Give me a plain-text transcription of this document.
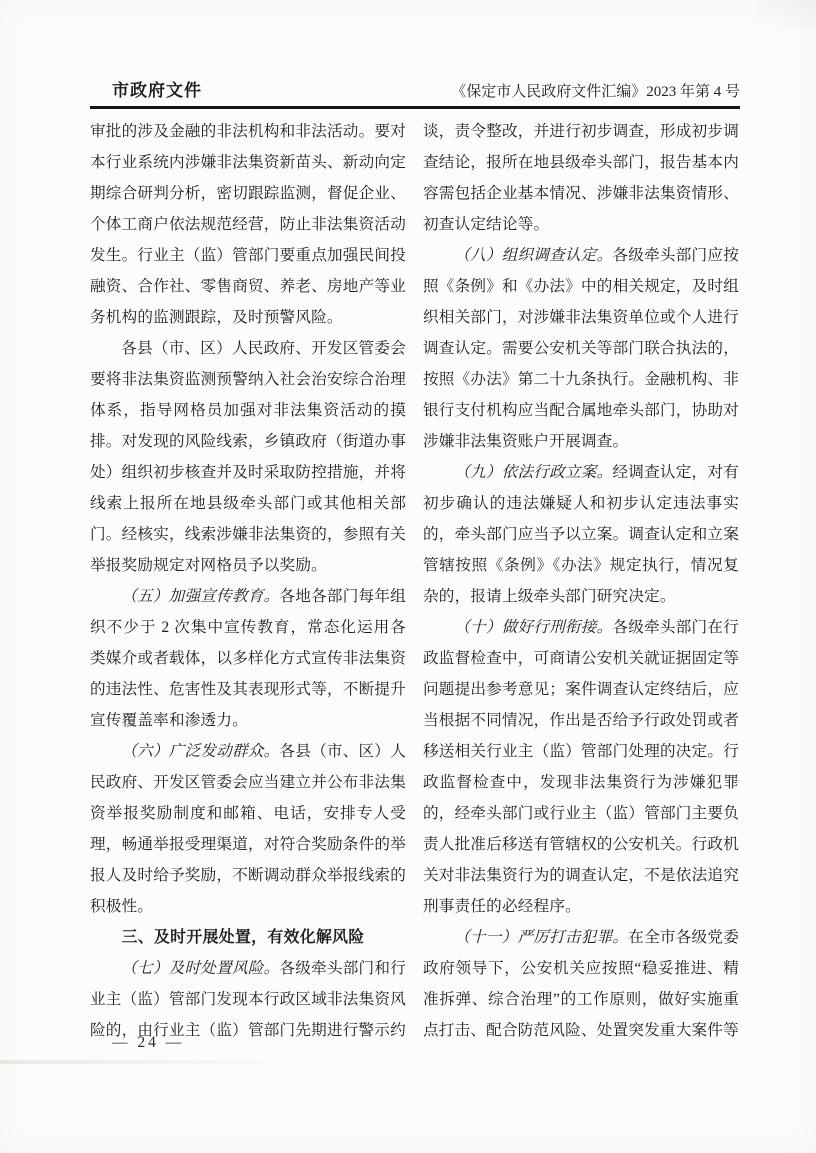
市政府文件	《保定市人民政府文件汇编》2023 年第 4 号

审批的涉及金融的非法机构和非法活动。要对本行业系统内涉嫌非法集资新苗头、新动向定期综合研判分析，密切跟踪监测，督促企业、个体工商户依法规范经营，防止非法集资活动发生。行业主（监）管部门要重点加强民间投融资、合作社、零售商贸、养老、房地产等业务机构的监测跟踪，及时预警风险。

各县（市、区）人民政府、开发区管委会要将非法集资监测预警纳入社会治安综合治理体系，指导网格员加强对非法集资活动的摸排。对发现的风险线索，乡镇政府（街道办事处）组织初步核查并及时采取防控措施，并将线索上报所在地县级牵头部门或其他相关部门。经核实，线索涉嫌非法集资的，参照有关举报奖励规定对网格员予以奖励。

（五）加强宣传教育。各地各部门每年组织不少于 2 次集中宣传教育，常态化运用各类媒介或者载体，以多样化方式宣传非法集资的违法性、危害性及其表现形式等，不断提升宣传覆盖率和渗透力。

（六）广泛发动群众。各县（市、区）人民政府、开发区管委会应当建立并公布非法集资举报奖励制度和邮箱、电话，安排专人受理，畅通举报受理渠道，对符合奖励条件的举报人及时给予奖励，不断调动群众举报线索的积极性。

三、及时开展处置，有效化解风险

（七）及时处置风险。各级牵头部门和行业主（监）管部门发现本行政区域非法集资风险的，由行业主（监）管部门先期进行警示约

谈，责令整改，并进行初步调查，形成初步调查结论，报所在地县级牵头部门，报告基本内容需包括企业基本情况、涉嫌非法集资情形、初查认定结论等。

（八）组织调查认定。各级牵头部门应按照《条例》和《办法》中的相关规定，及时组织相关部门，对涉嫌非法集资单位或个人进行调查认定。需要公安机关等部门联合执法的，按照《办法》第二十九条执行。金融机构、非银行支付机构应当配合属地牵头部门，协助对涉嫌非法集资账户开展调查。

（九）依法行政立案。经调查认定，对有初步确认的违法嫌疑人和初步认定违法事实的，牵头部门应当予以立案。调查认定和立案管辖按照《条例》《办法》规定执行，情况复杂的，报请上级牵头部门研究决定。

（十）做好行刑衔接。各级牵头部门在行政监督检查中，可商请公安机关就证据固定等问题提出参考意见；案件调查认定终结后，应当根据不同情况，作出是否给予行政处罚或者移送相关行业主（监）管部门处理的决定。行政监督检查中，发现非法集资行为涉嫌犯罪的，经牵头部门或行业主（监）管部门主要负责人批准后移送有管辖权的公安机关。行政机关对非法集资行为的调查认定，不是依法追究刑事责任的必经程序。

（十一）严厉打击犯罪。在全市各级党委政府领导下，公安机关应按照“稳妥推进、精准拆弹、综合治理”的工作原则，做好实施重点打击、配合防范风险、处置突发重大案件等

— 24 —
